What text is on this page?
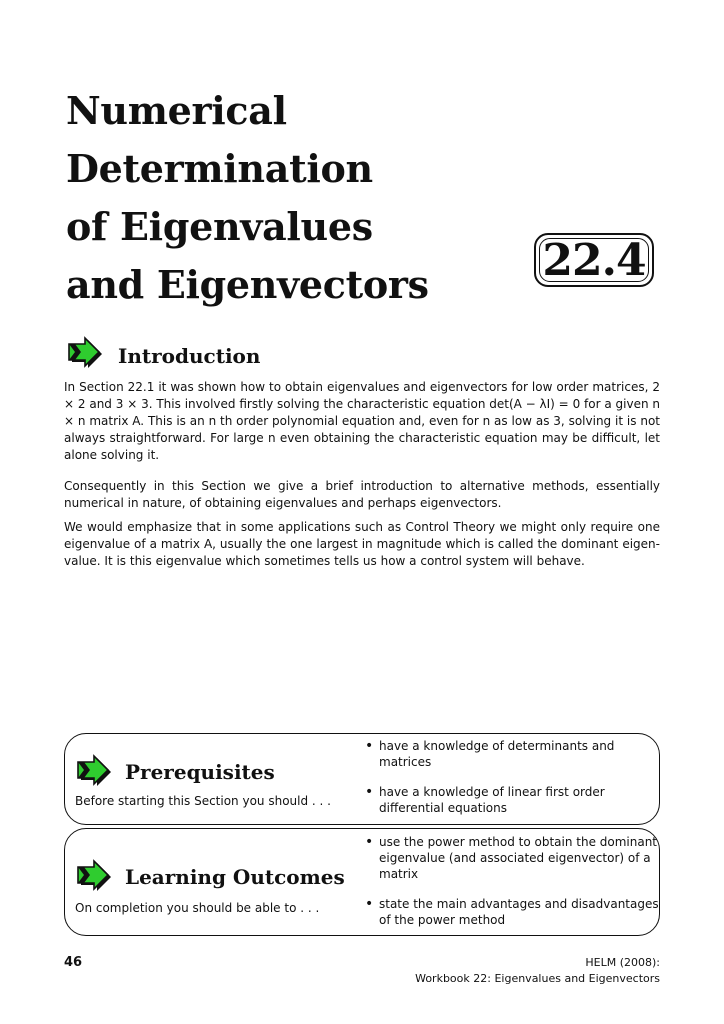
Numerical
Determination
of Eigenvalues
and Eigenvectors	22.4
Introduction

In Section 22.1 it was shown how to obtain eigenvalues and eigenvectors for low order matrices, 2 × 2 and 3 × 3. This involved firstly solving the characteristic equation det(A − λI) = 0 for a given n × n matrix A. This is an n th order polynomial equation and, even for n as low as 3, solving it is not always straightforward. For large n even obtaining the characteristic equation may be difficult, let alone solving it.

Consequently in this Section we give a brief introduction to alternative methods, essentially numerical in nature, of obtaining eigenvalues and perhaps eigenvectors.

We would emphasize that in some applications such as Control Theory we might only require one eigenvalue of a matrix A, usually the one largest in magnitude which is called the dominant eigen-value. It is this eigenvalue which sometimes tells us how a control system will behave.

Prerequisites
Before starting this Section you should . . .
• have a knowledge of determinants and matrices
• have a knowledge of linear first order differential equations
Learning Outcomes
On completion you should be able to . . .
• use the power method to obtain the dominant eigenvalue (and associated eigenvector) of a matrix
• state the main advantages and disadvantages of the power method
46	HELM (2008):
Workbook 22: Eigenvalues and Eigenvectors
